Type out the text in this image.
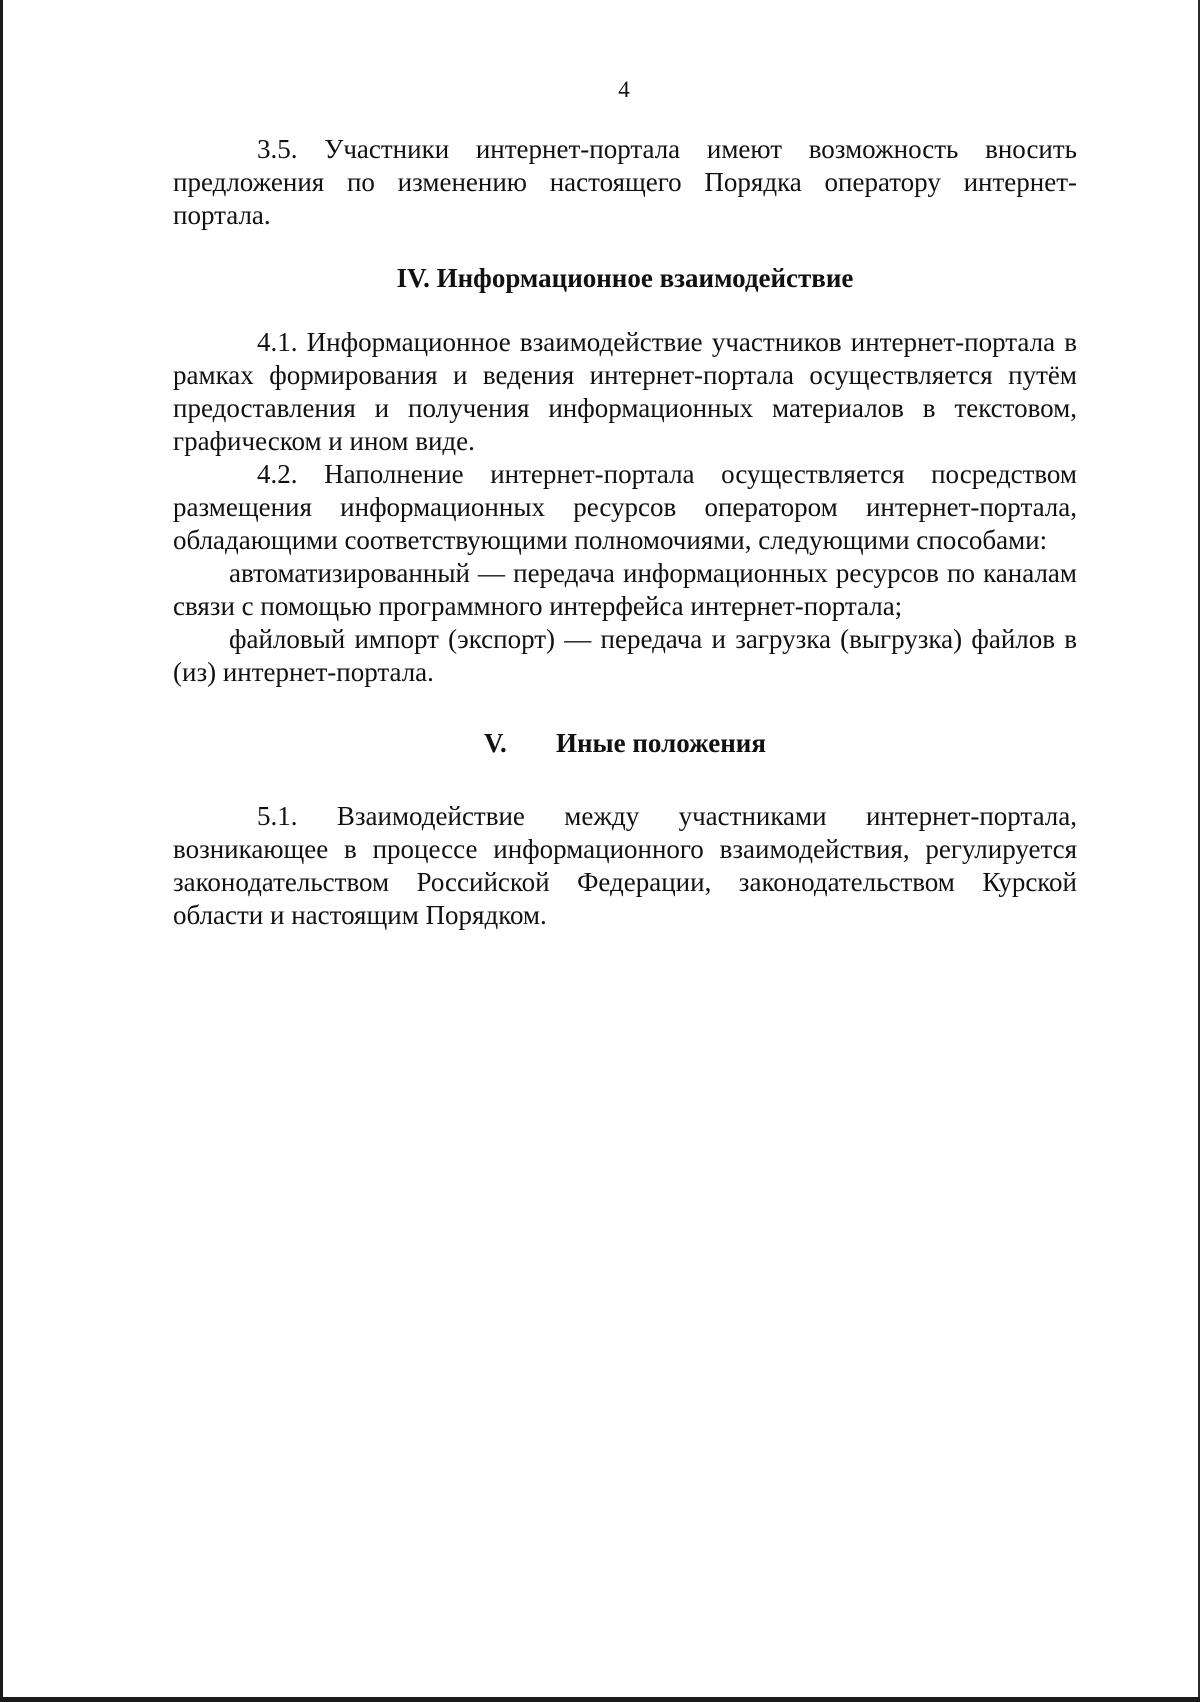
4

3.5. Участники интернет-портала имеют возможность вносить предложения по изменению настоящего Порядка оператору интернет-портала.

IV. Информационное взаимодействие

4.1. Информационное взаимодействие участников интернет-портала в рамках формирования и ведения интернет-портала осуществляется путём предоставления и получения информационных материалов в текстовом, графическом и ином виде.

4.2. Наполнение интернет-портала осуществляется посредством размещения информационных ресурсов оператором интернет-портала, обладающими соответствующими полномочиями, следующими способами:

автоматизированный — передача информационных ресурсов по каналам связи с помощью программного интерфейса интернет-портала;

файловый импорт (экспорт) — передача и загрузка (выгрузка) файлов в (из) интернет-портала.

V. Иные положения

5.1. Взаимодействие между участниками интернет-портала, возникающее в процессе информационного взаимодействия, регулируется законодательством Российской Федерации, законодательством Курской области и настоящим Порядком.
